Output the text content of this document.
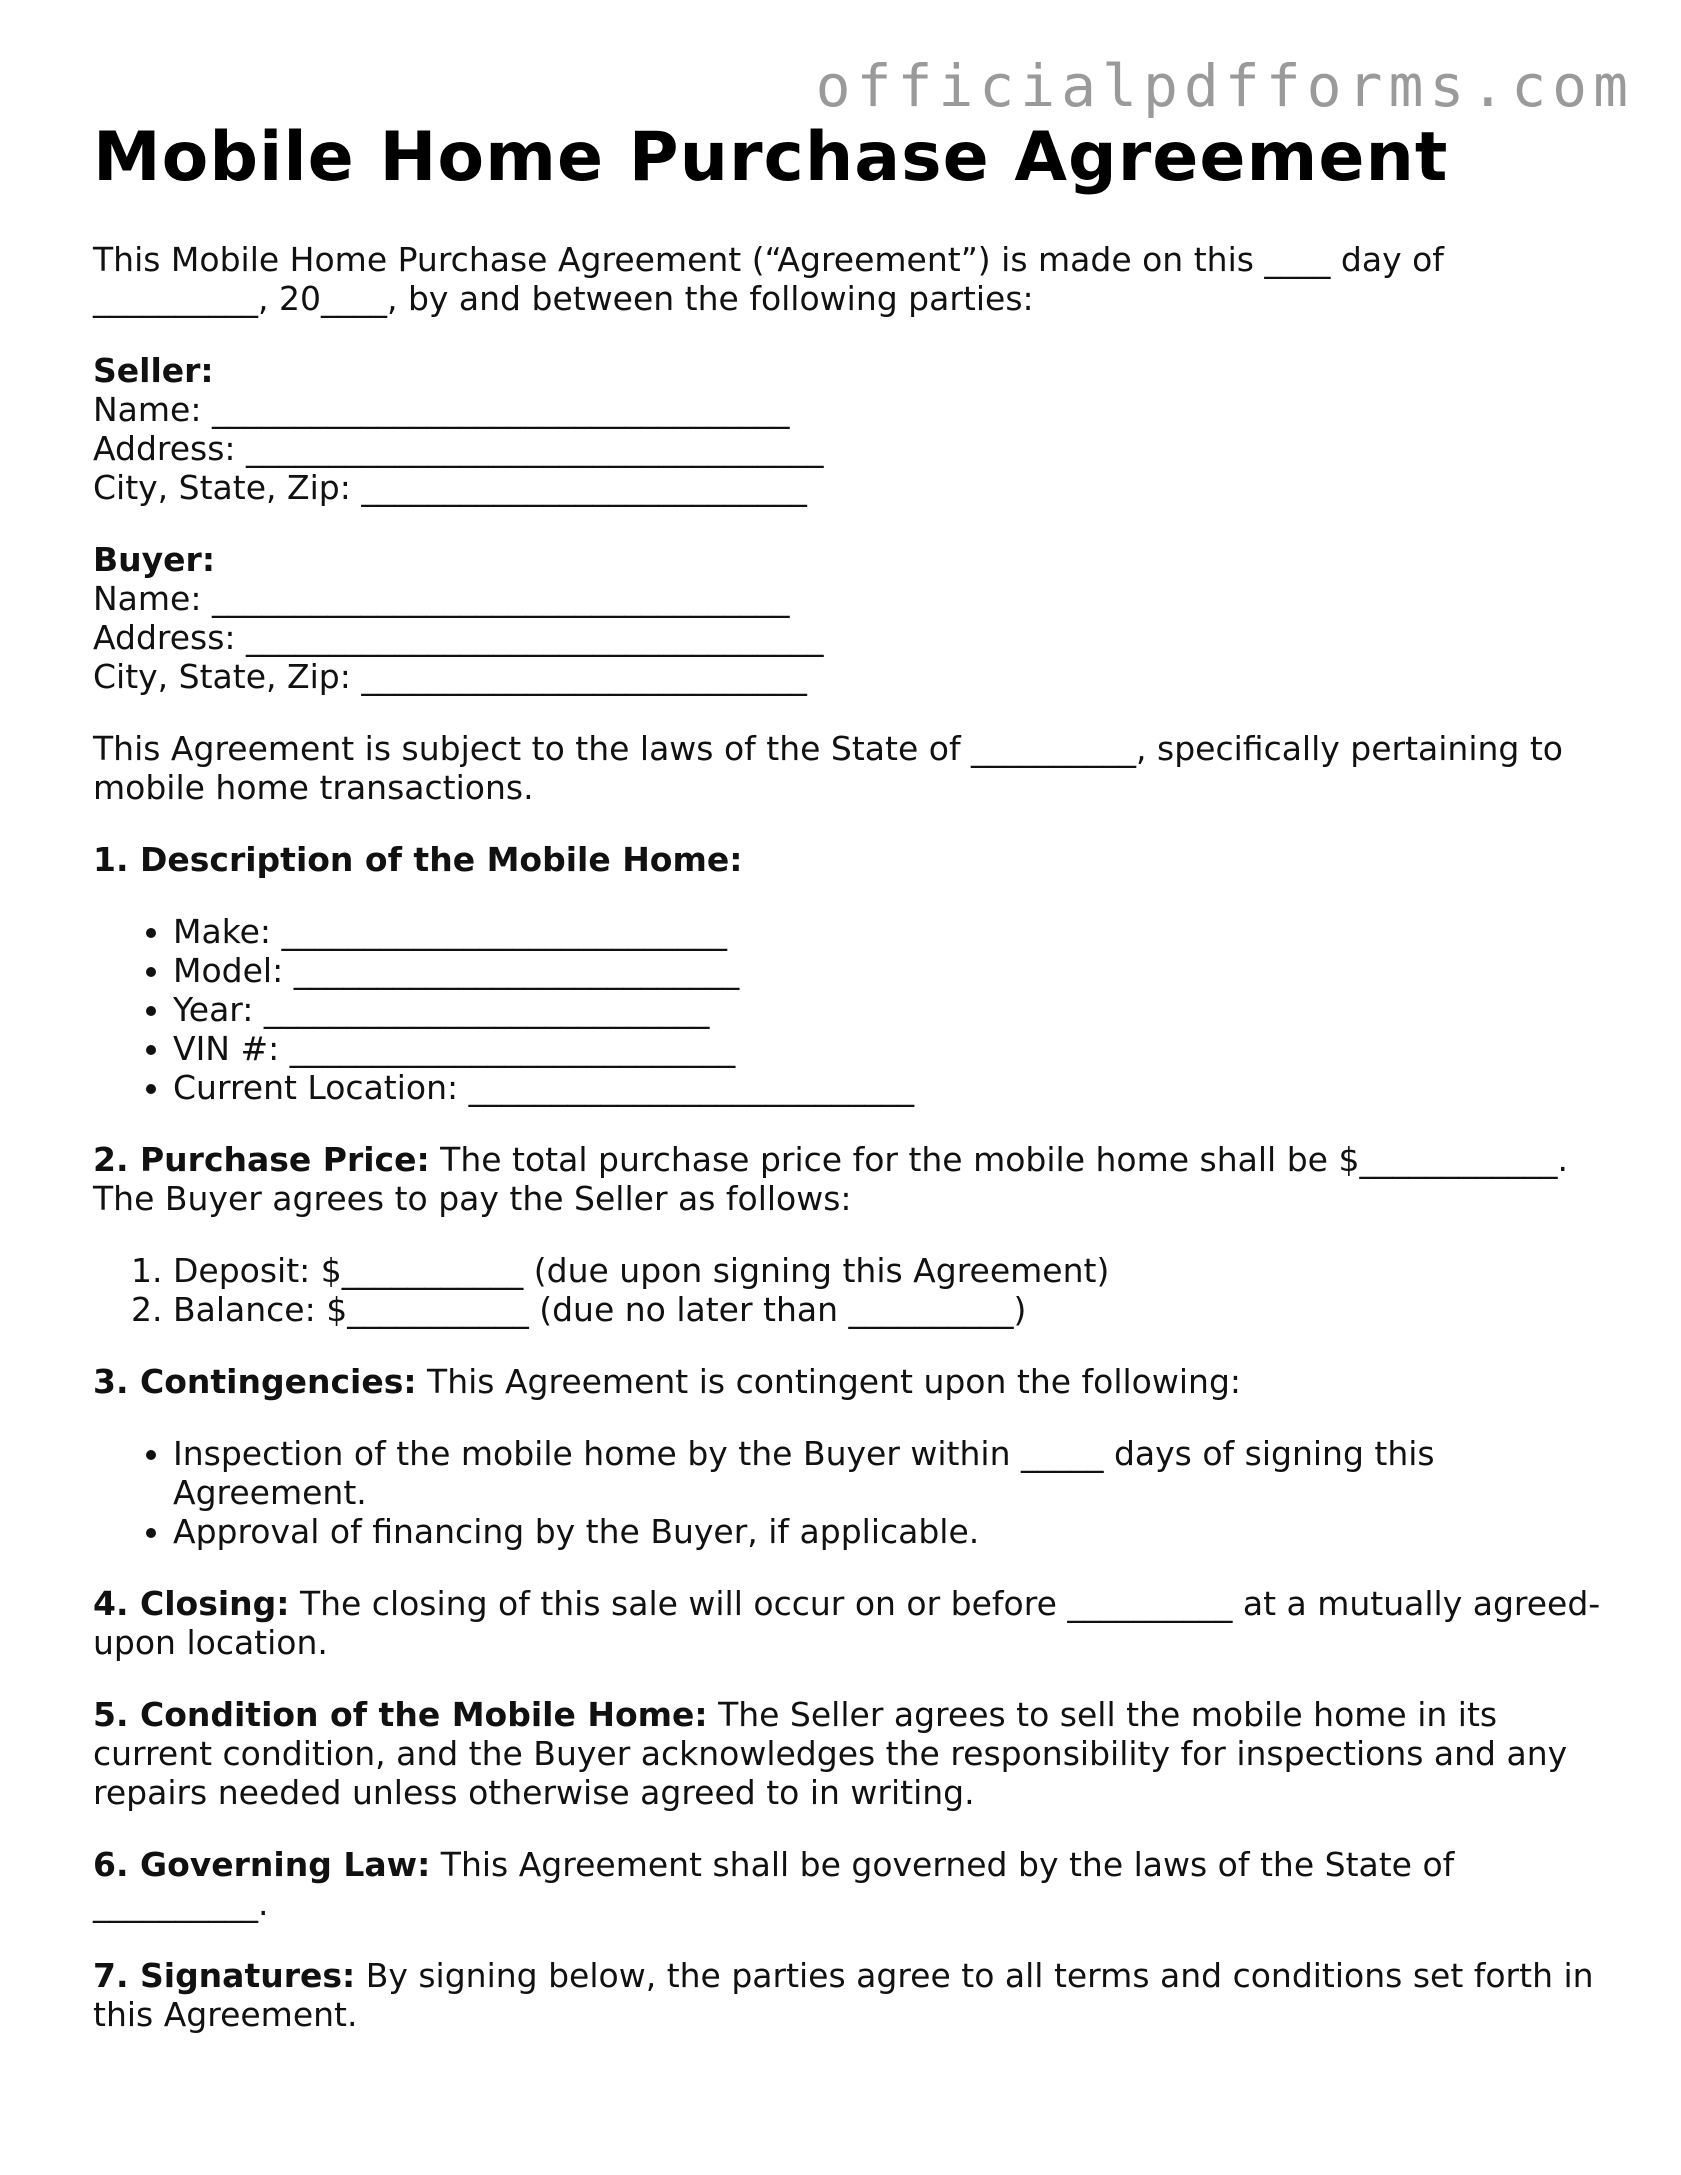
officialpdfforms.com
Mobile Home Purchase Agreement

This Mobile Home Purchase Agreement (“Agreement”) is made on this ____ day of __________, 20____, by and between the following parties:

Seller:
Name: ___________________________________
Address: ___________________________________
City, State, Zip: ___________________________
Buyer:
Name: ___________________________________
Address: ___________________________________
City, State, Zip: ___________________________

This Agreement is subject to the laws of the State of __________, specifically pertaining to mobile home transactions.

1. Description of the Mobile Home:

• Make: ___________________________
• Model: ___________________________
• Year: ___________________________
• VIN #: ___________________________
• Current Location: ___________________________

2. Purchase Price: The total purchase price for the mobile home shall be $____________. The Buyer agrees to pay the Seller as follows:

1. Deposit: $___________ (due upon signing this Agreement)
2. Balance: $___________ (due no later than __________)

3. Contingencies: This Agreement is contingent upon the following:

• Inspection of the mobile home by the Buyer within _____ days of signing this Agreement.
• Approval of financing by the Buyer, if applicable.

4. Closing: The closing of this sale will occur on or before __________ at a mutually agreed-upon location.

5. Condition of the Mobile Home: The Seller agrees to sell the mobile home in its current condition, and the Buyer acknowledges the responsibility for inspections and any repairs needed unless otherwise agreed to in writing.

6. Governing Law: This Agreement shall be governed by the laws of the State of __________.

7. Signatures: By signing below, the parties agree to all terms and conditions set forth in this Agreement.
